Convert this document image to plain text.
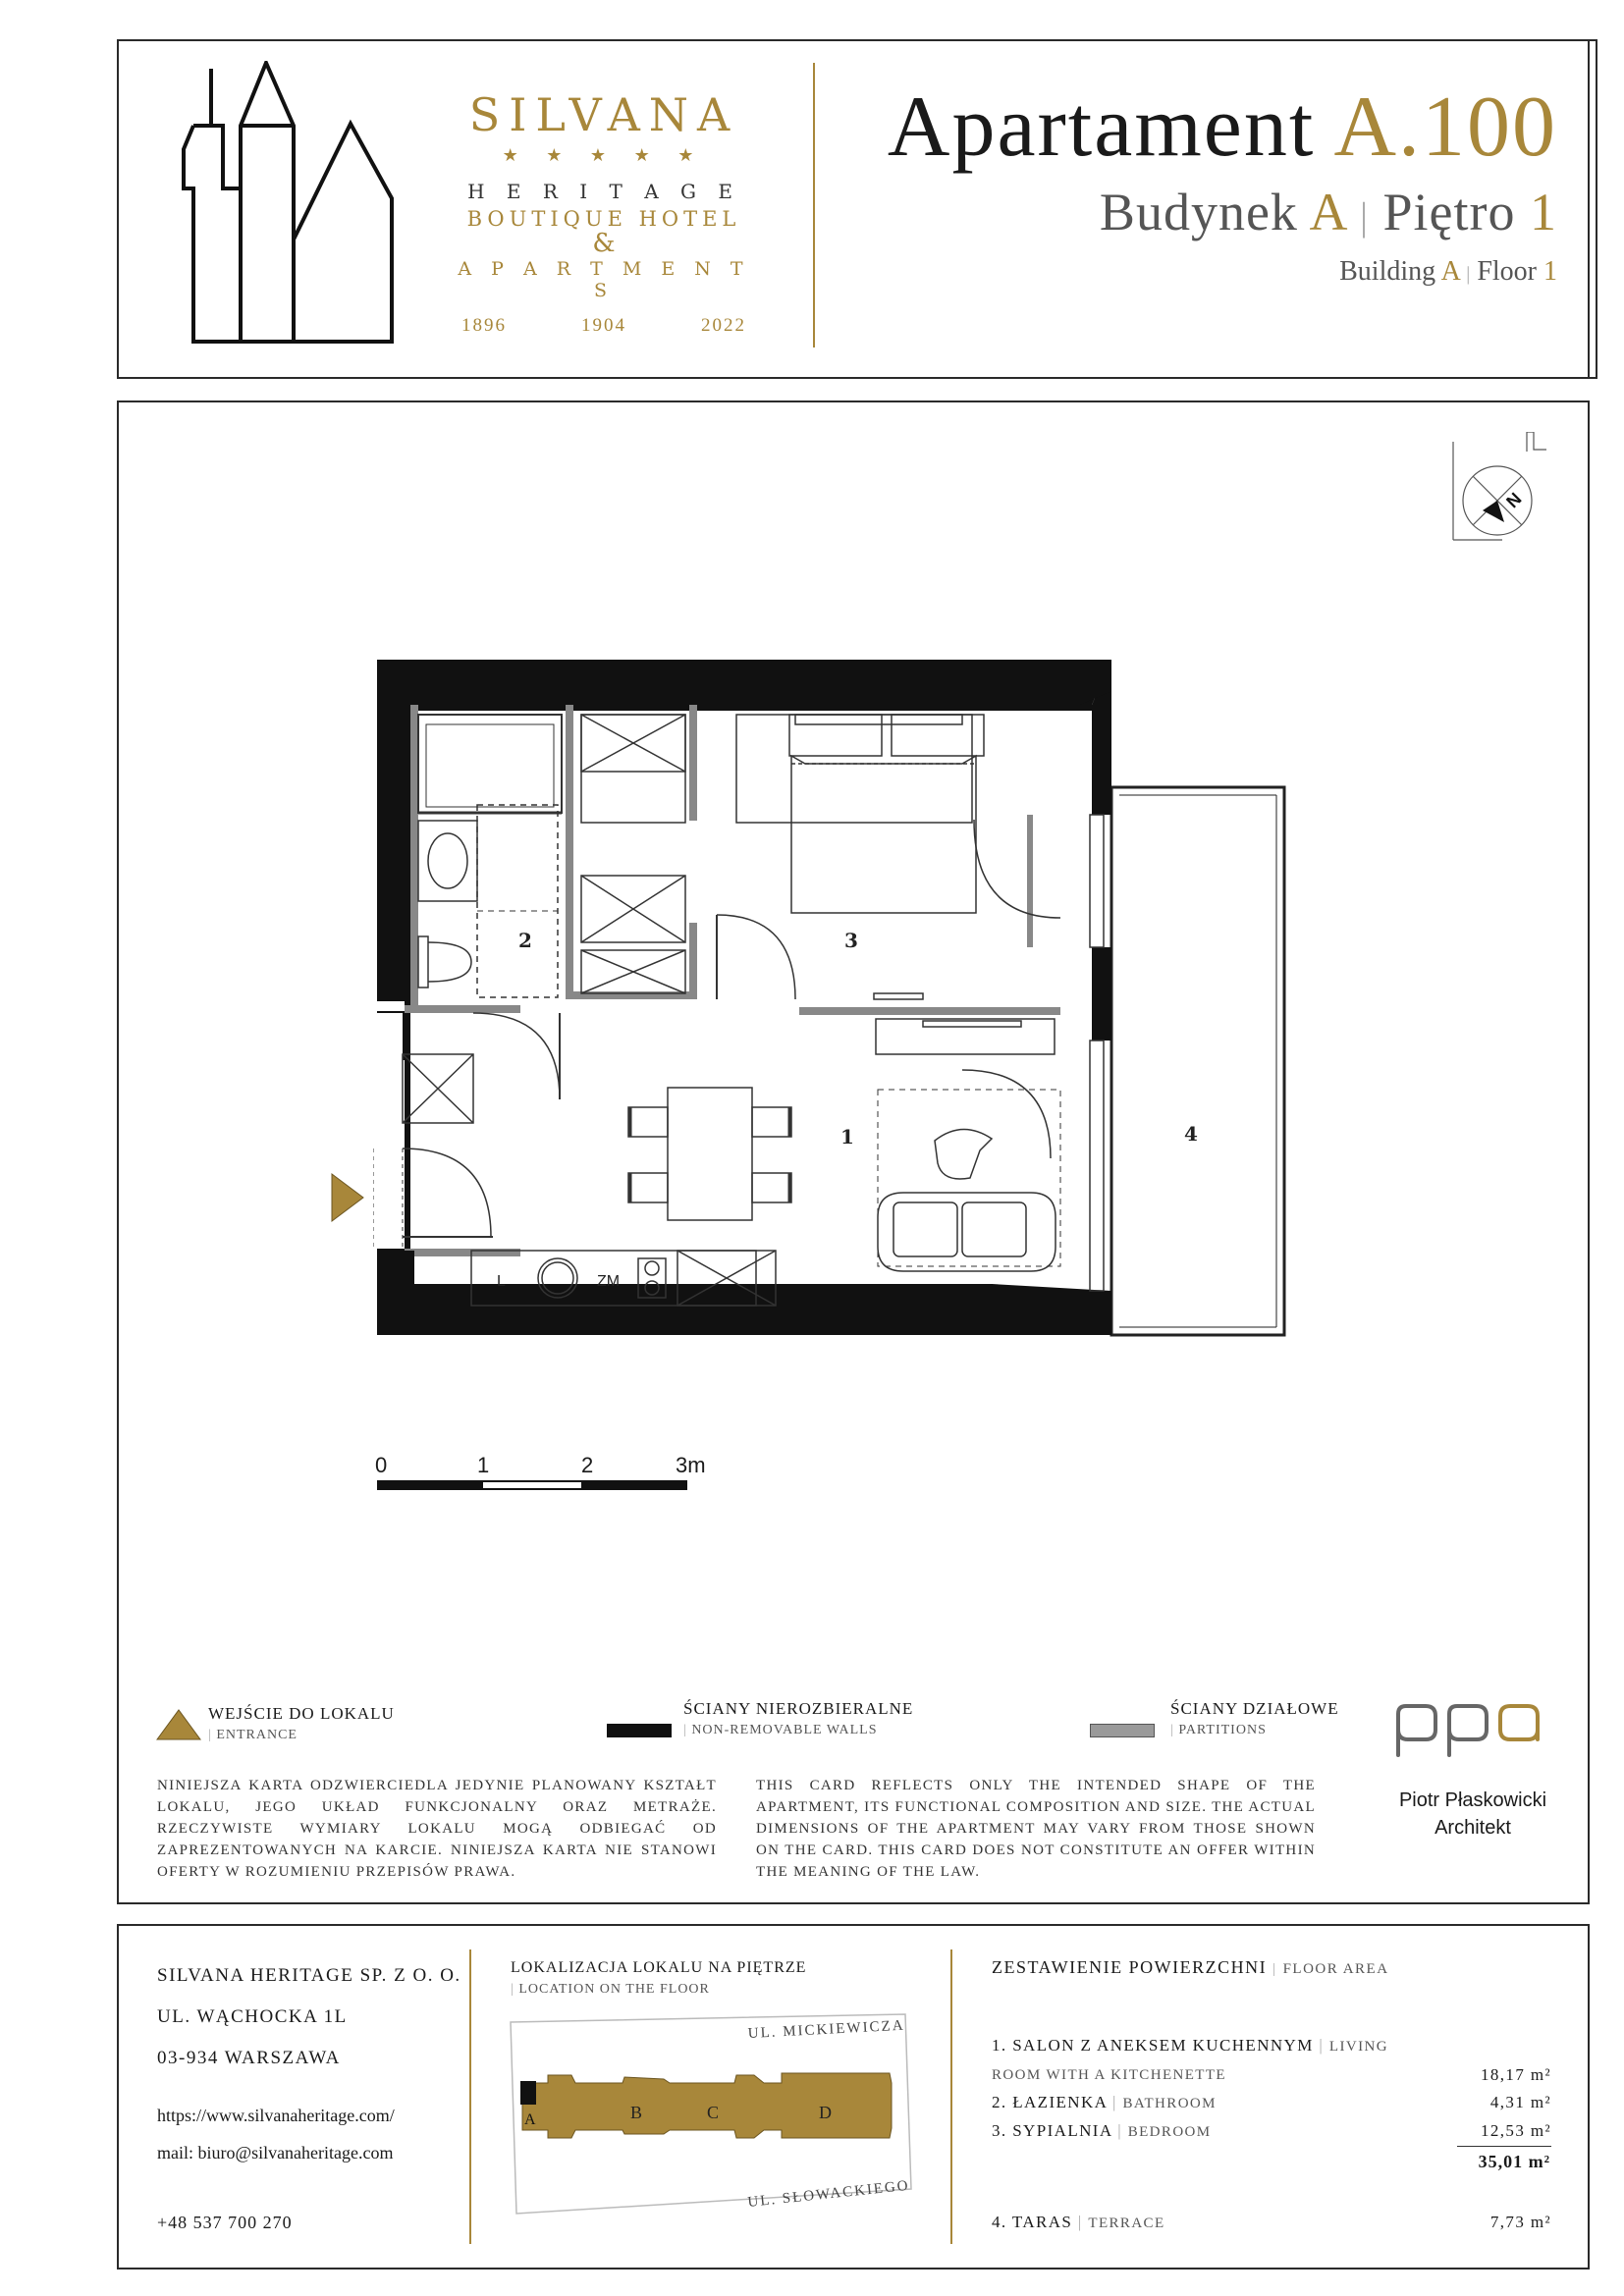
SILVANA
★ ★ ★ ★ ★
H E R I T A G E
BOUTIQUE HOTEL
&
A P A R T M E N T S
1896	1904	2022
Apartament A.100
Budynek A | Piętro 1
Building A | Floor 1
N
2	3
1	4
L	ZM
0	1	2	3m
WEJŚCIE DO LOKALU
| ENTRANCE
ŚCIANY NIEROZBIERALNE
| NON-REMOVABLE WALLS
ŚCIANY DZIAŁOWE
| PARTITIONS
NINIEJSZA KARTA ODZWIERCIEDLA JEDYNIE PLANOWANY KSZTAŁT LOKALU, JEGO UKŁAD FUNKCJONALNY ORAZ METRAŻE. RZECZYWISTE WYMIARY LOKALU MOGĄ ODBIEGAĆ OD ZAPREZENTOWANYCH NA KARCIE. NINIEJSZA KARTA NIE STANOWI OFERTY W ROZUMIENIU PRZEPISÓW PRAWA.
THIS CARD REFLECTS ONLY THE INTENDED SHAPE OF THE APARTMENT, ITS FUNCTIONAL COMPOSITION AND SIZE. THE ACTUAL DIMENSIONS OF THE APARTMENT MAY VARY FROM THOSE SHOWN ON THE CARD. THIS CARD DOES NOT CONSTITUTE AN OFFER WITHIN THE MEANING OF THE LAW.
Piotr Płaskowicki
Architekt
SILVANA HERITAGE SP. Z O. O.
UL. WĄCHOCKA 1L
03-934 WARSZAWA
https://www.silvanaheritage.com/
mail: biuro@silvanaheritage.com
+48 537 700 270
LOKALIZACJA LOKALU NA PIĘTRZE
| LOCATION ON THE FLOOR
UL. MICKIEWICZA
UL. SŁOWACKIEGO
A	B	C	D
ZESTAWIENIE POWIERZCHNI | FLOOR AREA
1. SALON Z ANEKSEM KUCHENNYM | LIVING ROOM WITH A KITCHENETTE	18,17 m²
2. ŁAZIENKA | BATHROOM	4,31 m²
3. SYPIALNIA | BEDROOM	12,53 m²
35,01 m²
4. TARAS | TERRACE	7,73 m²
